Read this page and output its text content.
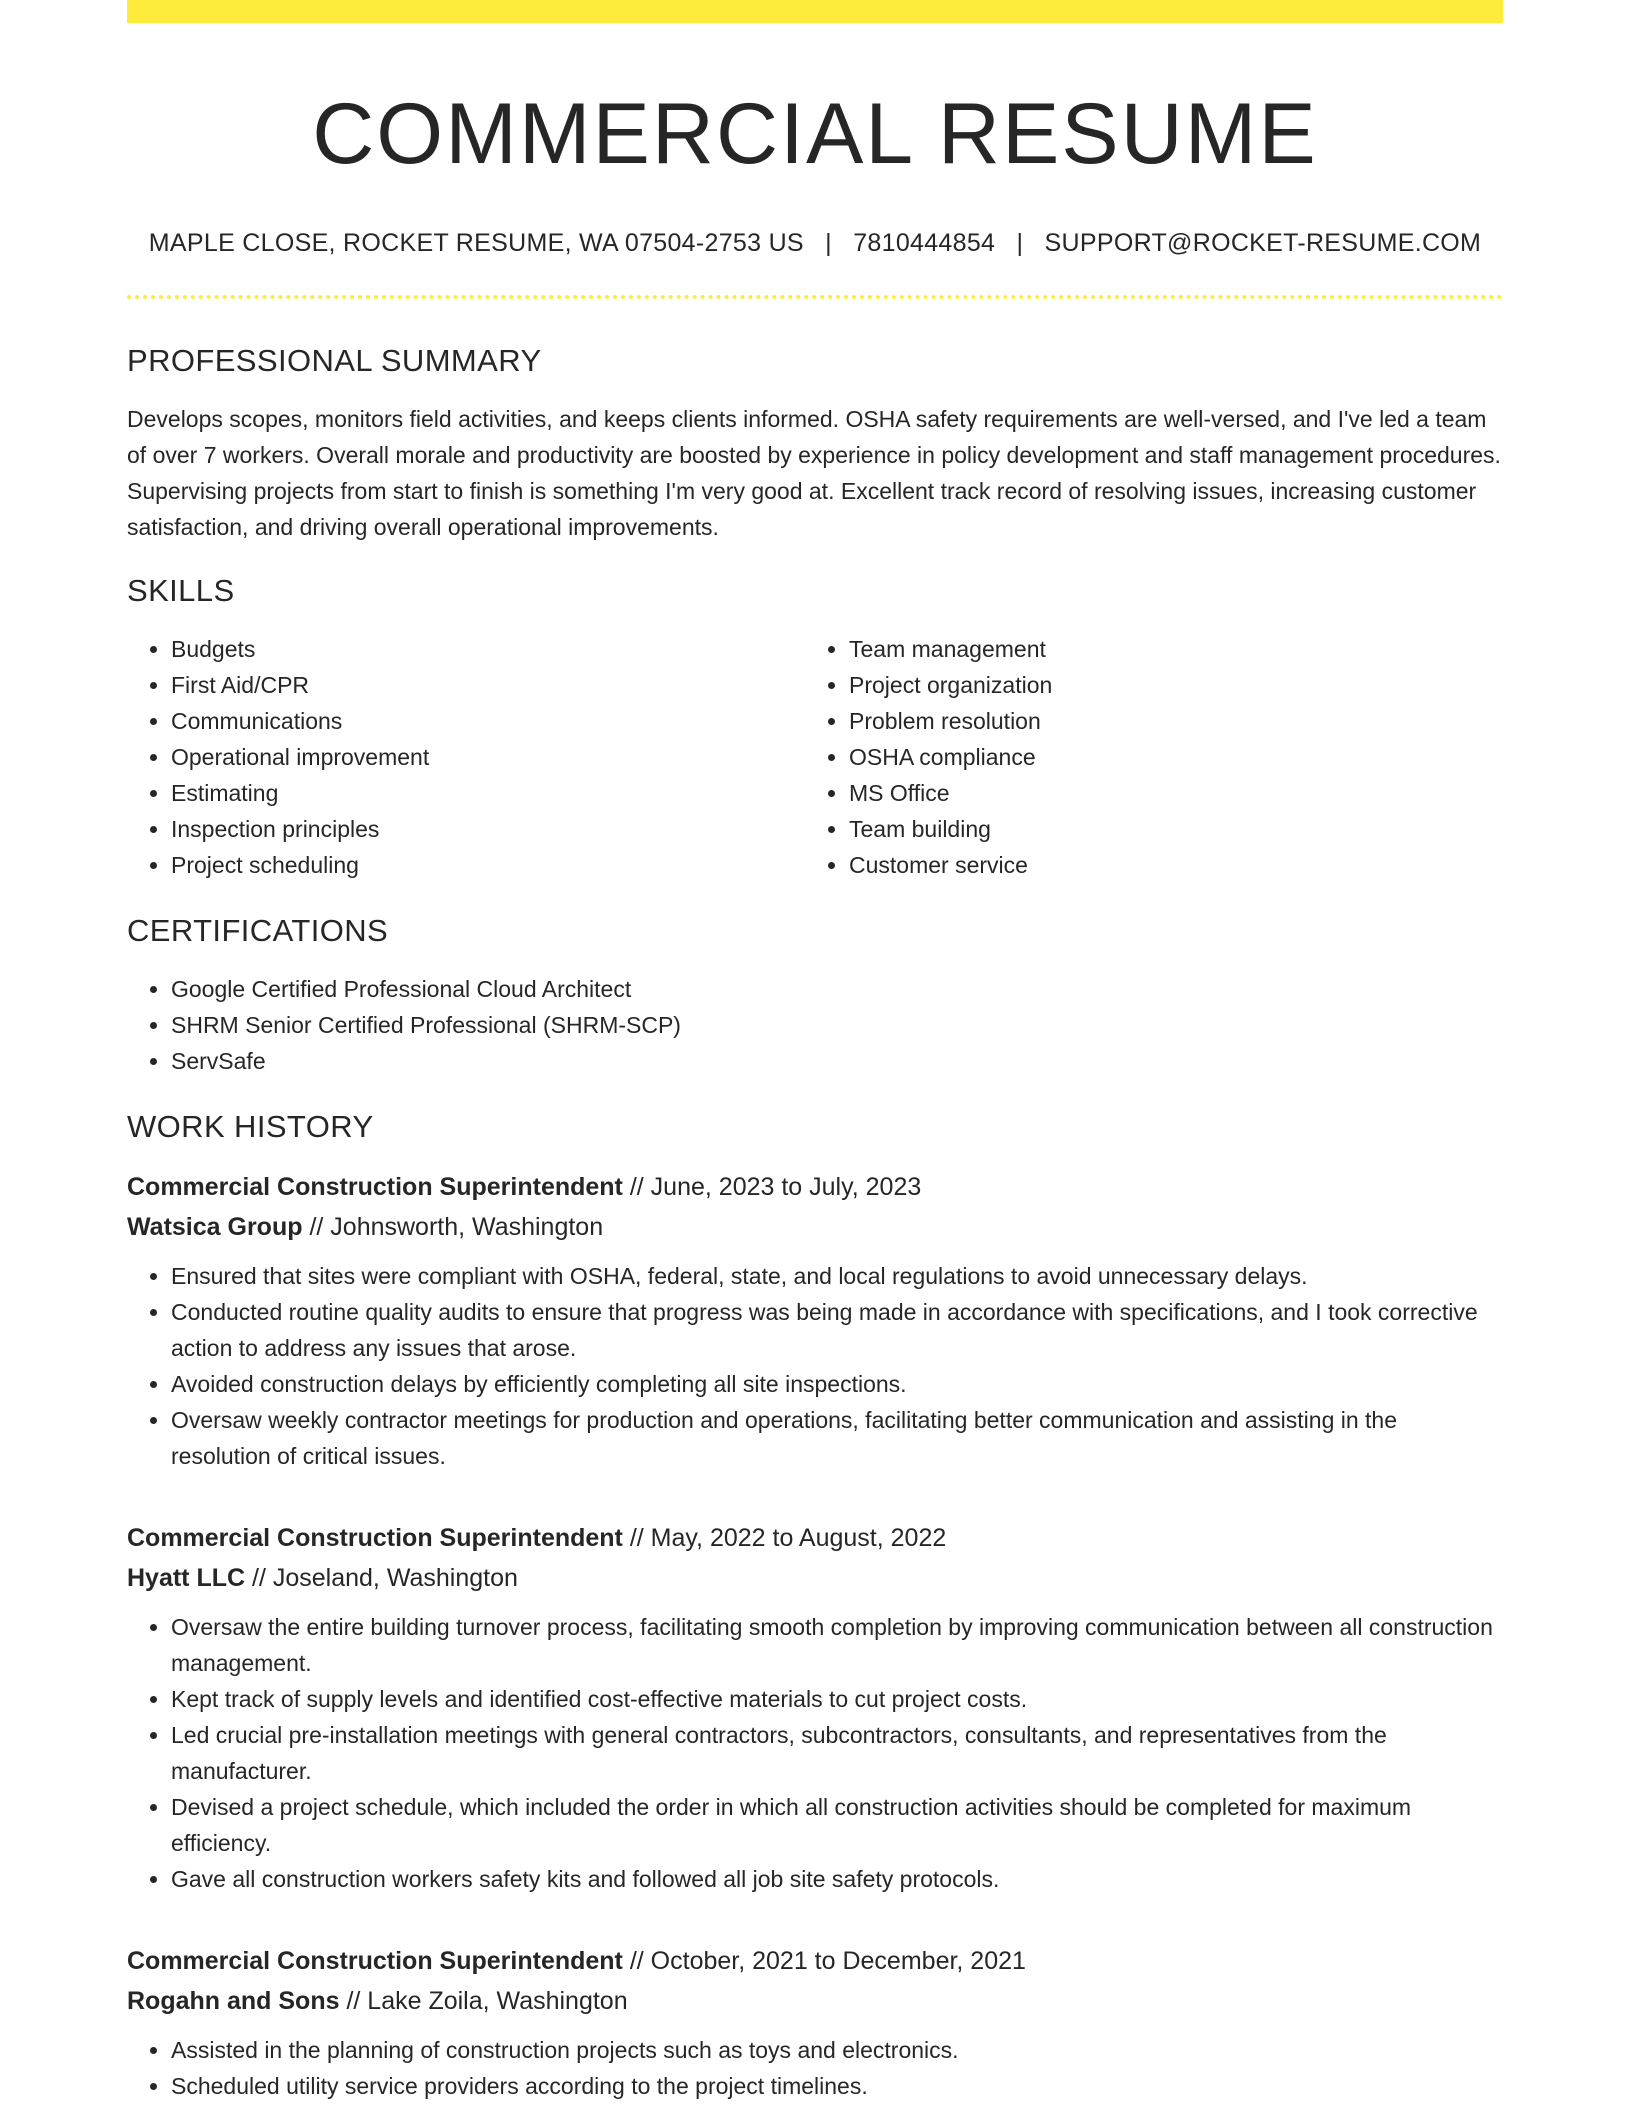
COMMERCIAL RESUME
MAPLE CLOSE, ROCKET RESUME, WA 07504-2753 US | 7810444854 | SUPPORT@ROCKET-RESUME.COM
PROFESSIONAL SUMMARY
Develops scopes, monitors field activities, and keeps clients informed. OSHA safety requirements are well-versed, and I've led a team of over 7 workers. Overall morale and productivity are boosted by experience in policy development and staff management procedures. Supervising projects from start to finish is something I'm very good at. Excellent track record of resolving issues, increasing customer satisfaction, and driving overall operational improvements.
SKILLS
• Budgets
• First Aid/CPR
• Communications
• Operational improvement
• Estimating
• Inspection principles
• Project scheduling
• Team management
• Project organization
• Problem resolution
• OSHA compliance
• MS Office
• Team building
• Customer service
CERTIFICATIONS
• Google Certified Professional Cloud Architect
• SHRM Senior Certified Professional (SHRM-SCP)
• ServSafe
WORK HISTORY
Commercial Construction Superintendent // June, 2023 to July, 2023
Watsica Group // Johnsworth, Washington
• Ensured that sites were compliant with OSHA, federal, state, and local regulations to avoid unnecessary delays.
• Conducted routine quality audits to ensure that progress was being made in accordance with specifications, and I took corrective action to address any issues that arose.
• Avoided construction delays by efficiently completing all site inspections.
• Oversaw weekly contractor meetings for production and operations, facilitating better communication and assisting in the resolution of critical issues.
Commercial Construction Superintendent // May, 2022 to August, 2022
Hyatt LLC // Joseland, Washington
• Oversaw the entire building turnover process, facilitating smooth completion by improving communication between all construction management.
• Kept track of supply levels and identified cost-effective materials to cut project costs.
• Led crucial pre-installation meetings with general contractors, subcontractors, consultants, and representatives from the manufacturer.
• Devised a project schedule, which included the order in which all construction activities should be completed for maximum efficiency.
• Gave all construction workers safety kits and followed all job site safety protocols.
Commercial Construction Superintendent // October, 2021 to December, 2021
Rogahn and Sons // Lake Zoila, Washington
• Assisted in the planning of construction projects such as toys and electronics.
• Scheduled utility service providers according to the project timelines.
